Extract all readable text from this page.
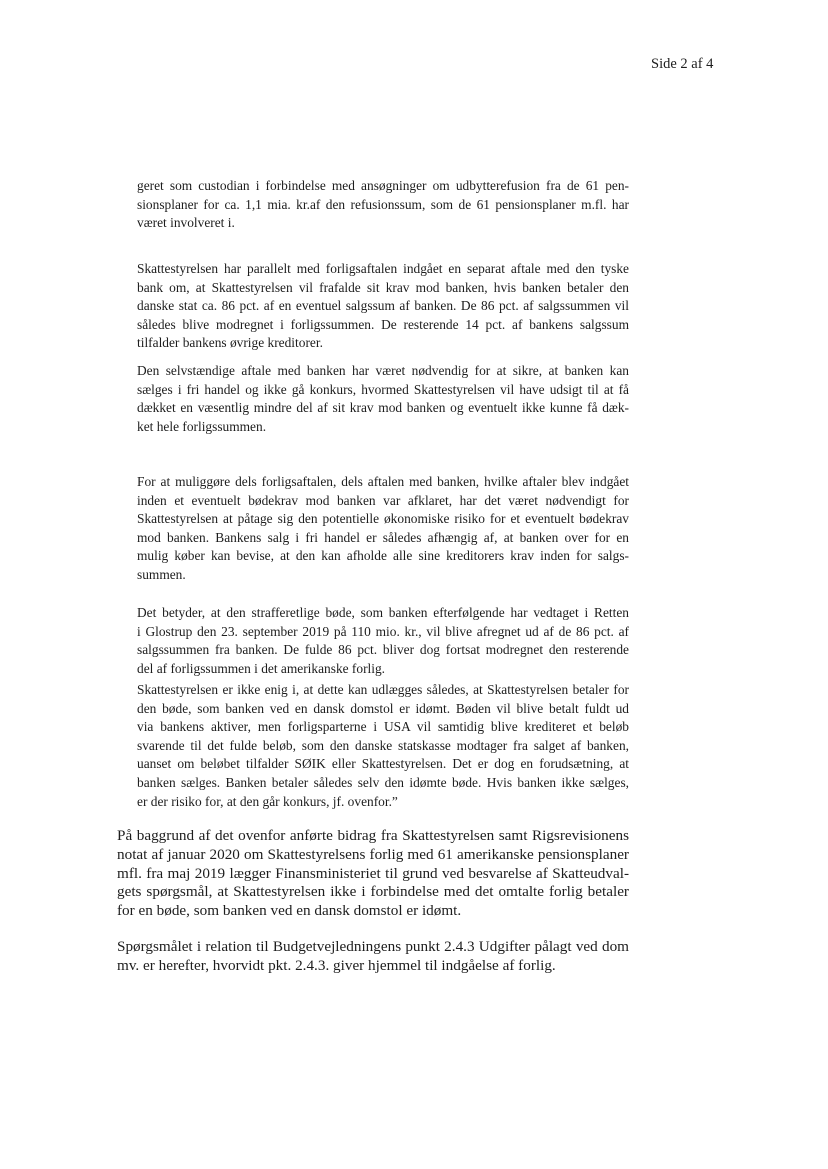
Side 2 af 4
geret som custodian i forbindelse med ansøgninger om udbytterefusion fra de 61 pen-
sionsplaner for ca. 1,1 mia. kr.af den refusionssum, som de 61 pensionsplaner m.fl. har
været involveret i.
Skattestyrelsen har parallelt med forligsaftalen indgået en separat aftale med den tyske
bank om, at Skattestyrelsen vil frafalde sit krav mod banken, hvis banken betaler den
danske stat ca. 86 pct. af en eventuel salgssum af banken. De 86 pct. af salgssummen vil
således blive modregnet i forligssummen. De resterende 14 pct. af bankens salgssum
tilfalder bankens øvrige kreditorer.
Den selvstændige aftale med banken har været nødvendig for at sikre, at banken kan
sælges i fri handel og ikke gå konkurs, hvormed Skattestyrelsen vil have udsigt til at få
dækket en væsentlig mindre del af sit krav mod banken og eventuelt ikke kunne få dæk-
ket hele forligssummen.
For at muliggøre dels forligsaftalen, dels aftalen med banken, hvilke aftaler blev indgået
inden et eventuelt bødekrav mod banken var afklaret, har det været nødvendigt for
Skattestyrelsen at påtage sig den potentielle økonomiske risiko for et eventuelt bødekrav
mod banken. Bankens salg i fri handel er således afhængig af, at banken over for en
mulig køber kan bevise, at den kan afholde alle sine kreditorers krav inden for salgs-
summen.
Det betyder, at den strafferetlige bøde, som banken efterfølgende har vedtaget i Retten
i Glostrup den 23. september 2019 på 110 mio. kr., vil blive afregnet ud af de 86 pct. af
salgssummen fra banken. De fulde 86 pct. bliver dog fortsat modregnet den resterende
del af forligssummen i det amerikanske forlig.
Skattestyrelsen er ikke enig i, at dette kan udlægges således, at Skattestyrelsen betaler for
den bøde, som banken ved en dansk domstol er idømt. Bøden vil blive betalt fuldt ud
via bankens aktiver, men forligsparterne i USA vil samtidig blive krediteret et beløb
svarende til det fulde beløb, som den danske statskasse modtager fra salget af banken,
uanset om beløbet tilfalder SØIK eller Skattestyrelsen. Det er dog en forudsætning, at
banken sælges. Banken betaler således selv den idømte bøde. Hvis banken ikke sælges,
er der risiko for, at den går konkurs, jf. ovenfor.”
På baggrund af det ovenfor anførte bidrag fra Skattestyrelsen samt Rigsrevisionens
notat af januar 2020 om Skattestyrelsens forlig med 61 amerikanske pensionsplaner
mfl. fra maj 2019 lægger Finansministeriet til grund ved besvarelse af Skatteudval-
gets spørgsmål, at Skattestyrelsen ikke i forbindelse med det omtalte forlig betaler
for en bøde, som banken ved en dansk domstol er idømt.
Spørgsmålet i relation til Budgetvejledningens punkt 2.4.3 Udgifter pålagt ved dom
mv. er herefter, hvorvidt pkt. 2.4.3. giver hjemmel til indgåelse af forlig.
